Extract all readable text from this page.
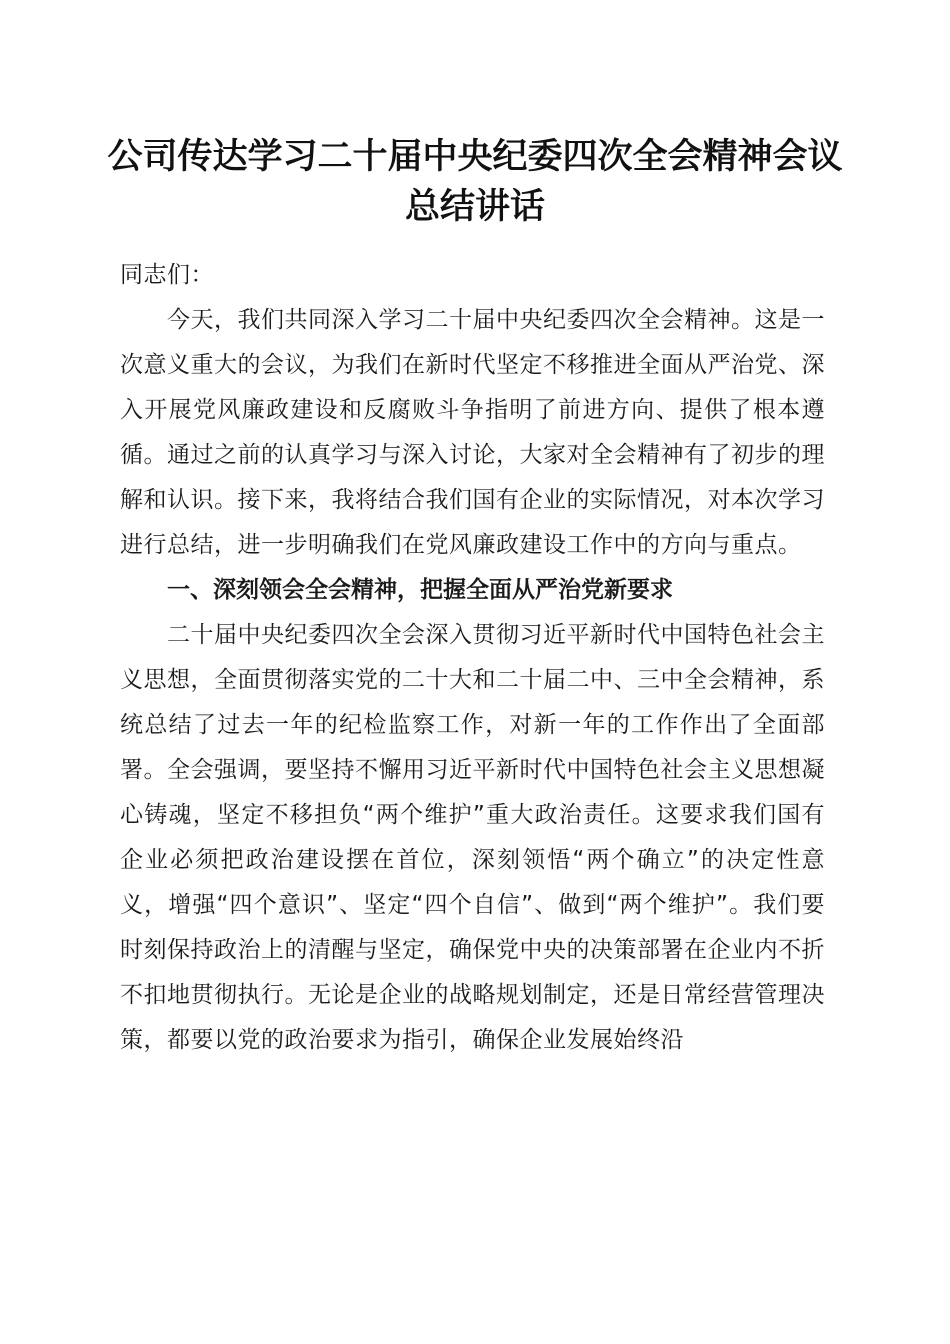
公司传达学习二十届中央纪委四次全会精神会议总结讲话

同志们：

今天，我们共同深入学习二十届中央纪委四次全会精神。这是一次意义重大的会议，为我们在新时代坚定不移推进全面从严治党、深入开展党风廉政建设和反腐败斗争指明了前进方向、提供了根本遵循。通过之前的认真学习与深入讨论，大家对全会精神有了初步的理解和认识。接下来，我将结合我们国有企业的实际情况，对本次学习进行总结，进一步明确我们在党风廉政建设工作中的方向与重点。

一、深刻领会全会精神，把握全面从严治党新要求

二十届中央纪委四次全会深入贯彻习近平新时代中国特色社会主义思想，全面贯彻落实党的二十大和二十届二中、三中全会精神，系统总结了过去一年的纪检监察工作，对新一年的工作作出了全面部署。全会强调，要坚持不懈用习近平新时代中国特色社会主义思想凝心铸魂，坚定不移担负“两个维护”重大政治责任。这要求我们国有企业必须把政治建设摆在首位，深刻领悟“两个确立”的决定性意义，增强“四个意识”、坚定“四个自信”、做到“两个维护”。我们要时刻保持政治上的清醒与坚定，确保党中央的决策部署在企业内不折不扣地贯彻执行。无论是企业的战略规划制定，还是日常经营管理决策，都要以党的政治要求为指引，确保企业发展始终沿
